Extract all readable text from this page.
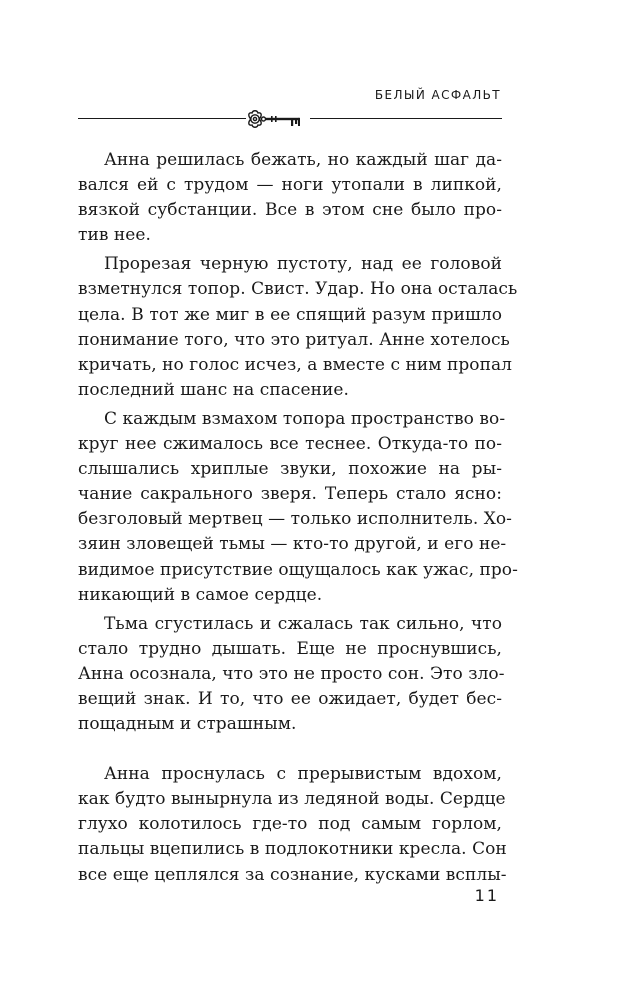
БЕЛЫЙ АСФАЛЬТ
Анна решилась бежать, но каждый шаг да-
вался ей с трудом — ноги утопали в липкой,
вязкой субстанции. Все в этом сне было про-
тив нее.
Прорезая черную пустоту, над ее головой
взметнулся топор. Свист. Удар. Но она осталась
цела. В тот же миг в ее спящий разум пришло
понимание того, что это ритуал. Анне хотелось
кричать, но голос исчез, а вместе с ним пропал
последний шанс на спасение.
С каждым взмахом топора пространство во-
круг нее сжималось все теснее. Откуда-то по-
слышались хриплые звуки, похожие на ры-
чание сакрального зверя. Теперь стало ясно:
безголовый мертвец — только исполнитель. Хо-
зяин зловещей тьмы — кто-то другой, и его не-
видимое присутствие ощущалось как ужас, про-
никающий в самое сердце.
Тьма сгустилась и сжалась так сильно, что
стало трудно дышать. Еще не проснувшись,
Анна осознала, что это не просто сон. Это зло-
вещий знак. И то, что ее ожидает, будет бес-
пощадным и страшным.
Анна проснулась с прерывистым вдохом,
как будто вынырнула из ледяной воды. Сердце
глухо колотилось где-то под самым горлом,
пальцы вцепились в подлокотники кресла. Сон
все еще цеплялся за сознание, кусками всплы-
11
